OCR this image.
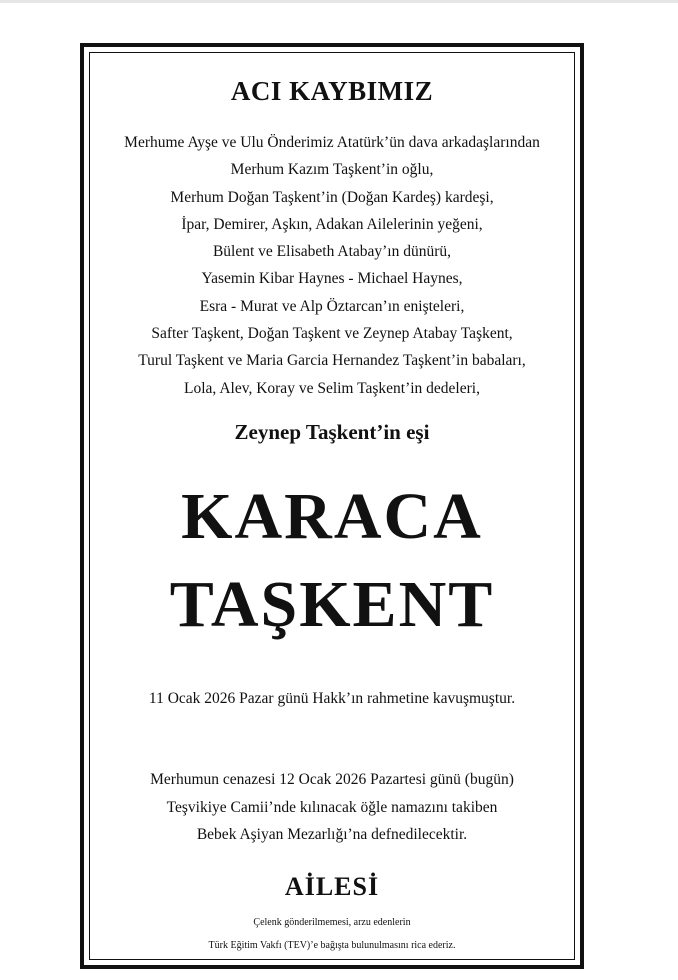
ACI KAYBIMIZ
Merhume Ayşe ve Ulu Önderimiz Atatürk’ün dava arkadaşlarından
Merhum Kazım Taşkent’in oğlu,
Merhum Doğan Taşkent’in (Doğan Kardeş) kardeşi,
İpar, Demirer, Aşkın, Adakan Ailelerinin yeğeni,
Bülent ve Elisabeth Atabay’ın dünürü,
Yasemin Kibar Haynes - Michael Haynes,
Esra - Murat ve Alp Öztarcan’ın enişteleri,
Safter Taşkent, Doğan Taşkent ve Zeynep Atabay Taşkent,
Turul Taşkent ve Maria Garcia Hernandez Taşkent’in babaları,
Lola, Alev, Koray ve Selim Taşkent’in dedeleri,
Zeynep Taşkent’in eşi
KARACA
TAŞKENT
11 Ocak 2026 Pazar günü Hakk’ın rahmetine kavuşmuştur.
Merhumun cenazesi 12 Ocak 2026 Pazartesi günü (bugün)
Teşvikiye Camii’nde kılınacak öğle namazını takiben
Bebek Aşiyan Mezarlığı’na defnedilecektir.
AİLESİ
Çelenk gönderilmemesi, arzu edenlerin
Türk Eğitim Vakfı (TEV)’e bağışta bulunulmasını rica ederiz.
